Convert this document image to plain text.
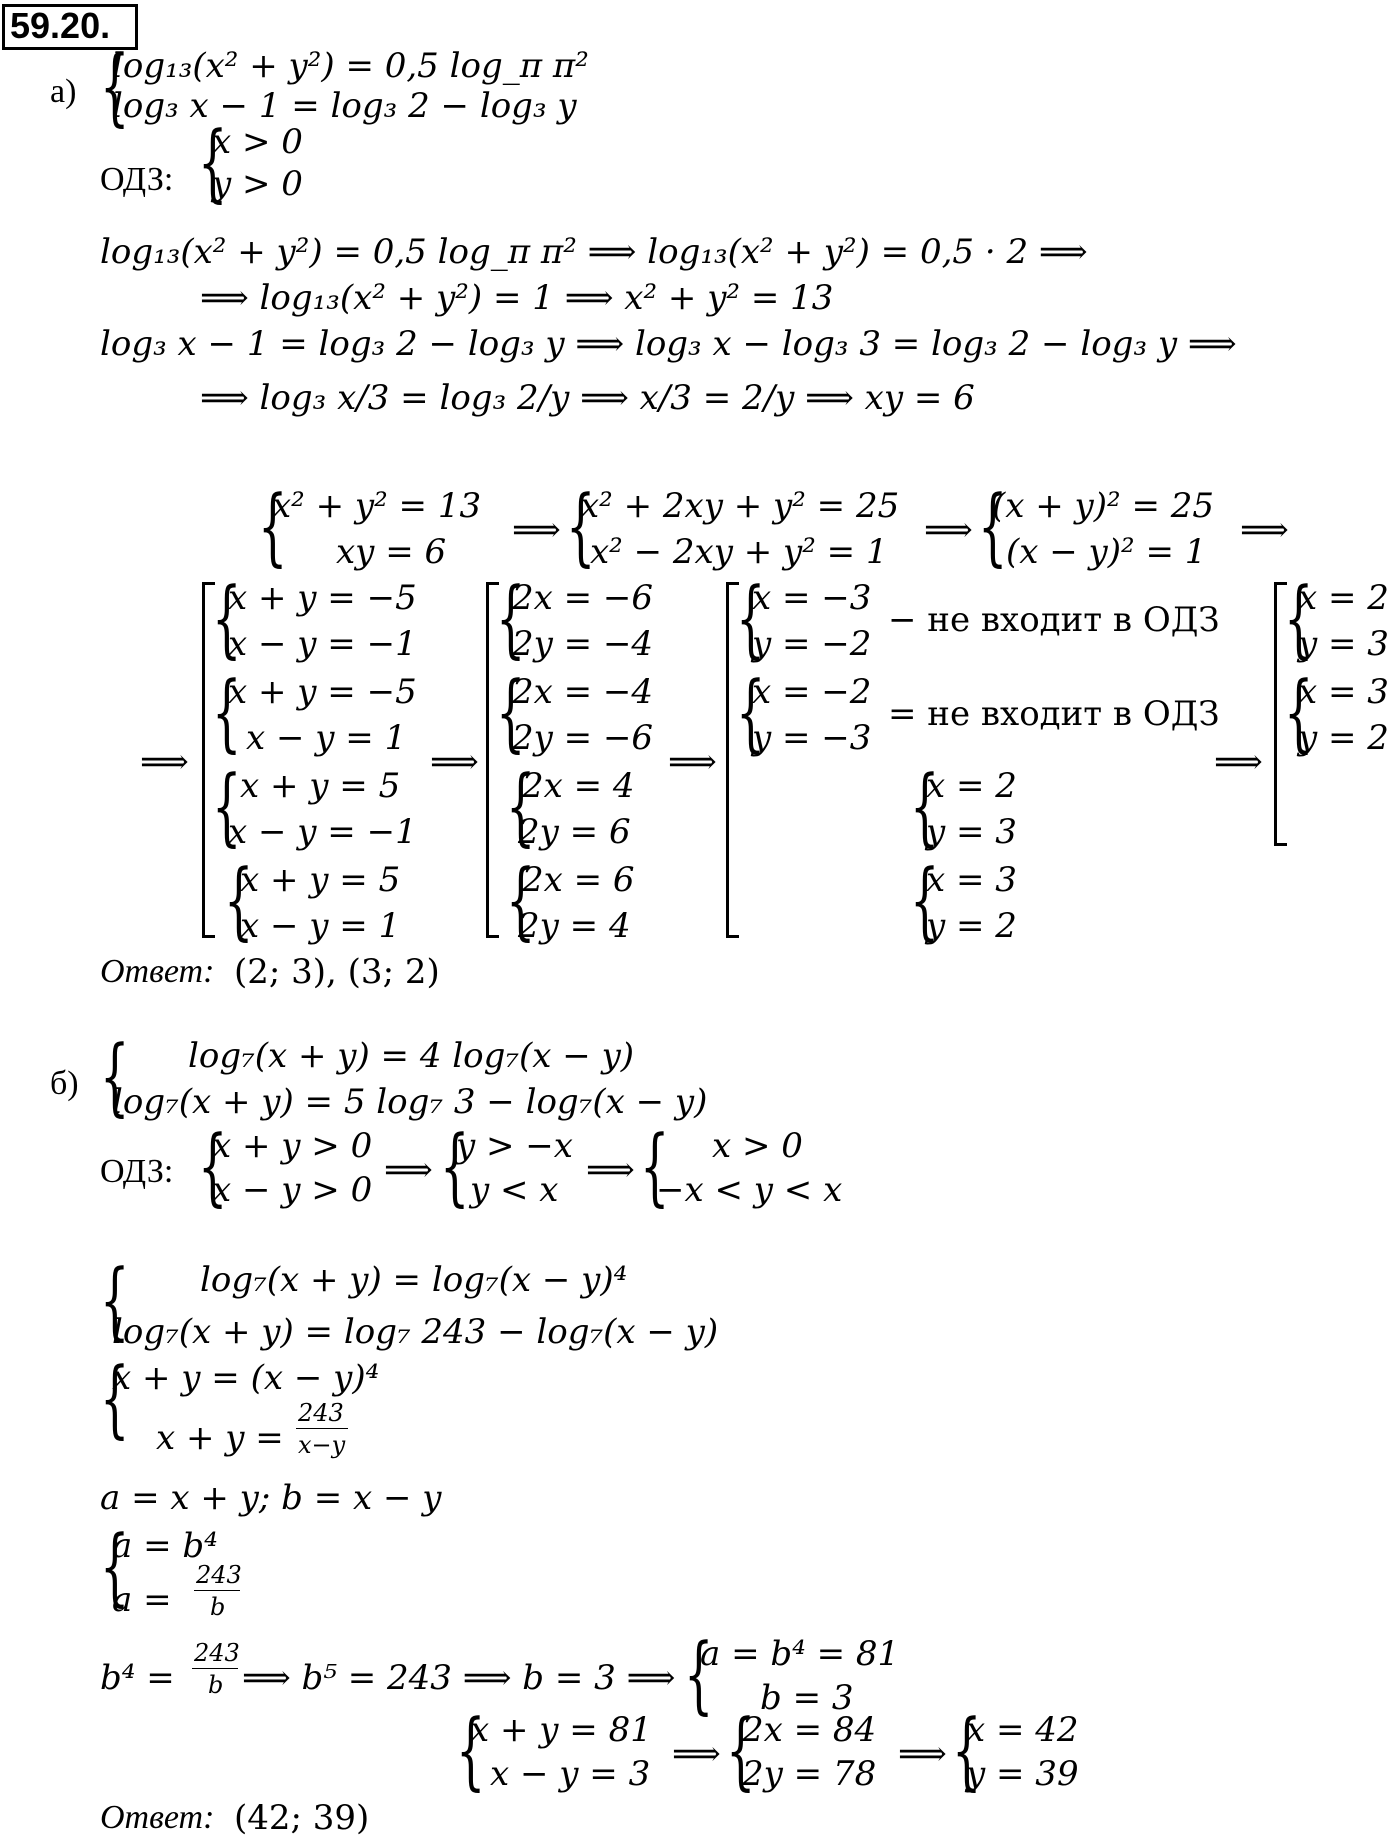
59.20.
а) {
log₁₃(x² + y²) = 0,5 log_π π²
log₃ x − 1 = log₃ 2 − log₃ y
ОДЗ: {
x > 0
y > 0
log₁₃(x² + y²) = 0,5 log_π π² ⟹ log₁₃(x² + y²) = 0,5 · 2 ⟹
⟹ log₁₃(x² + y²) = 1 ⟹ x² + y² = 13
log₃ x − 1 = log₃ 2 − log₃ y ⟹ log₃ x − log₃ 3 = log₃ 2 − log₃ y ⟹
⟹ log₃ x/3 = log₃ 2/y ⟹ x/3 = 2/y ⟹ xy = 6
{
x² + y² = 13
xy = 6
⟹ {
x² + 2xy + y² = 25
x² − 2xy + y² = 1
⟹ {
(x + y)² = 25
(x − y)² = 1
⟹
⟹
{
x + y = −5
x − y = −1
{
x + y = −5
x − y = 1
{
x + y = 5
x − y = −1
{
x + y = 5
x − y = 1
⟹
{
2x = −6
2y = −4
{
2x = −4
2y = −6
{
2x = 4
2y = 6
{
2x = 6
2y = 4
⟹
{
x = −3
y = −2
− не входит в ОДЗ
{
x = −2
y = −3
= не входит в ОДЗ
{
x = 2
y = 3
{
x = 3
y = 2
⟹
{
x = 2
y = 3
{
x = 3
y = 2
Ответ: (2; 3), (3; 2)
б) { log₇(x + y) = 4 log₇(x − y)
log₇(x + y) = 5 log₇ 3 − log₇(x − y)
ОДЗ: {
x + y > 0
x − y > 0 ⟹ {
y > −x
y < x ⟹ { x > 0
−x < y < x
{ log₇(x + y) = log₇(x − y)⁴
log₇(x + y) = log₇ 243 − log₇(x − y)
{
x + y = (x − y)⁴
x + y =
243
x−y
a = x + y; b = x − y
{
a = b⁴
a =
243
b
b⁴ =
243
b ⟹ b⁵ = 243 ⟹ b = 3 ⟹ {
a = b⁴ = 81
b = 3
{
x + y = 81
x − y = 3 ⟹ {
2x = 84
2y = 78 ⟹ {
x = 42
y = 39
Ответ: (42; 39)
